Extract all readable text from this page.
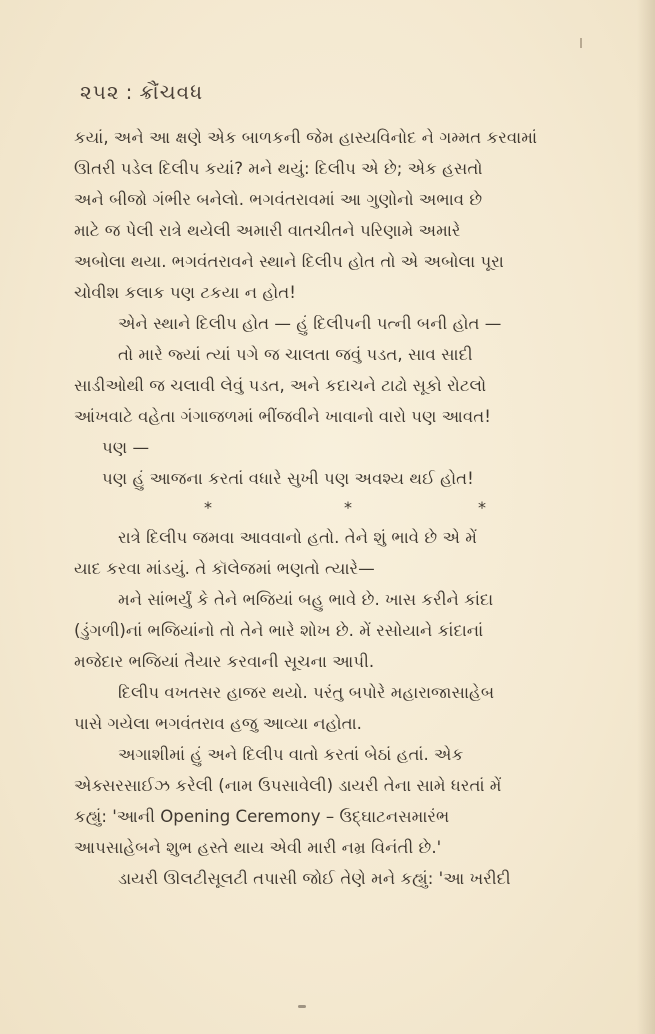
૨૫૨ : ક્રૌંચવધ
કયાં, અને આ ક્ષણે એક બાળકની જેમ હાસ્યવિનોદ ને ગમ્મત કરવામાં
ઊતરી પડેલ દિલીપ કયાં? મને થયું: દિલીપ એ છે; એક હસતો
અને બીજો ગંભીર બનેલો. ભગવંતરાવમાં આ ગુણોનો અભાવ છે
માટે જ પેલી રાત્રે થયેલી અમારી વાતચીતને પરિણામે અમારે
અબોલા થયા. ભગવંતરાવને સ્થાને દિલીપ હોત તો એ અબોલા પૂરા
ચોવીશ કલાક પણ ટકયા ન હોત!
એને સ્થાને દિલીપ હોત — હું દિલીપની પત્ની બની હોત —
તો મારે જ્યાં ત્યાં પગે જ ચાલતા જવું પડત, સાવ સાદી
સાડીઓથી જ ચલાવી લેવું પડત, અને કદાચને ટાઢો સૂકો રોટલો
આંખવાટે વહેતા ગંગાજળમાં ભીંજવીને ખાવાનો વારો પણ આવત!
પણ —
પણ હું આજના કરતાં વધારે સુખી પણ અવશ્ય થઈ હોત!
*	*	*
રાત્રે દિલીપ જમવા આવવાનો હતો. તેને શું ભાવે છે એ મેં
યાદ કરવા માંડયું. તે કૉલેજમાં ભણતો ત્યારે—
મને સાંભર્યું કે તેને ભજિયાં બહુ ભાવે છે. ખાસ કરીને કાંદા
(ડુંગળી)નાં ભજિયાંનો તો તેને ભારે શોખ છે. મેં રસોયાને કાંદાનાં
મજેદાર ભજિયાં તૈયાર કરવાની સૂચના આપી.
દિલીપ વખતસર હાજર થયો. પરંતુ બપોરે મહારાજાસાહેબ
પાસે ગયેલા ભગવંતરાવ હજુ આવ્યા નહોતા.
અગાશીમાં હું અને દિલીપ વાતો કરતાં બેઠાં હતાં. એક
એક્સરસાઈઝ કરેલી (નામ ઉપસાવેલી) ડાયરી તેના સામે ધરતાં મેં
કહ્યું: 'આની Opening Ceremony – ઉદ્‌ઘાટનસમારંભ
આપસાહેબને શુભ હસ્તે થાય એવી મારી નમ્ર વિનંતી છે.'
ડાયરી ઊલટીસૂલટી તપાસી જોઈ તેણે મને કહ્યું: 'આ ખરીદી
